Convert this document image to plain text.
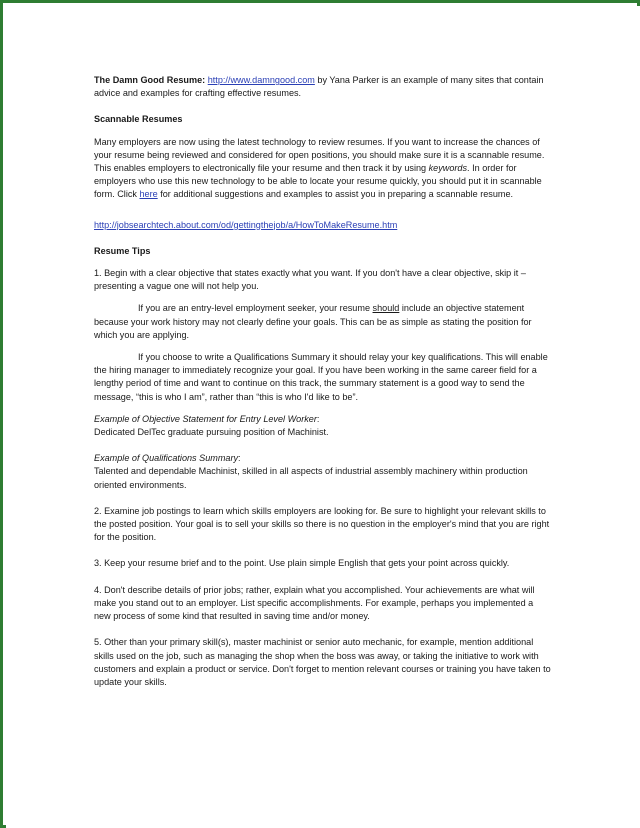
The Damn Good Resume: http://www.damngood.com by Yana Parker is an example of many sites that contain advice and examples for crafting effective resumes.

Scannable Resumes

Many employers are now using the latest technology to review resumes. If you want to increase the chances of your resume being reviewed and considered for open positions, you should make sure it is a scannable resume. This enables employers to electronically file your resume and then track it by using keywords. In order for employers who use this new technology to be able to locate your resume quickly, you should put it in scannable form. Click here for additional suggestions and examples to assist you in preparing a scannable resume.

http://jobsearchtech.about.com/od/gettingthejob/a/HowToMakeResume.htm

Resume Tips

1. Begin with a clear objective that states exactly what you want. If you don't have a clear objective, skip it – presenting a vague one will not help you.

If you are an entry-level employment seeker, your resume should include an objective statement because your work history may not clearly define your goals. This can be as simple as stating the position for which you are applying.

If you choose to write a Qualifications Summary it should relay your key qualifications. This will enable the hiring manager to immediately recognize your goal. If you have been working in the same career field for a lengthy period of time and want to continue on this track, the summary statement is a good way to send the message, “this is who I am”, rather than “this is who I'd like to be”.

Example of Objective Statement for Entry Level Worker:

Dedicated DelTec graduate pursuing position of Machinist.

Example of Qualifications Summary:

Talented and dependable Machinist, skilled in all aspects of industrial assembly machinery within production oriented environments.

2. Examine job postings to learn which skills employers are looking for. Be sure to highlight your relevant skills to the posted position. Your goal is to sell your skills so there is no question in the employer's mind that you are right for the position.

3. Keep your resume brief and to the point. Use plain simple English that gets your point across quickly.

4. Don't describe details of prior jobs; rather, explain what you accomplished. Your achievements are what will make you stand out to an employer. List specific accomplishments. For example, perhaps you implemented a new process of some kind that resulted in saving time and/or money.

5. Other than your primary skill(s), master machinist or senior auto mechanic, for example, mention additional skills used on the job, such as managing the shop when the boss was away, or taking the initiative to work with customers and explain a product or service. Don't forget to mention relevant courses or training you have taken to update your skills.
